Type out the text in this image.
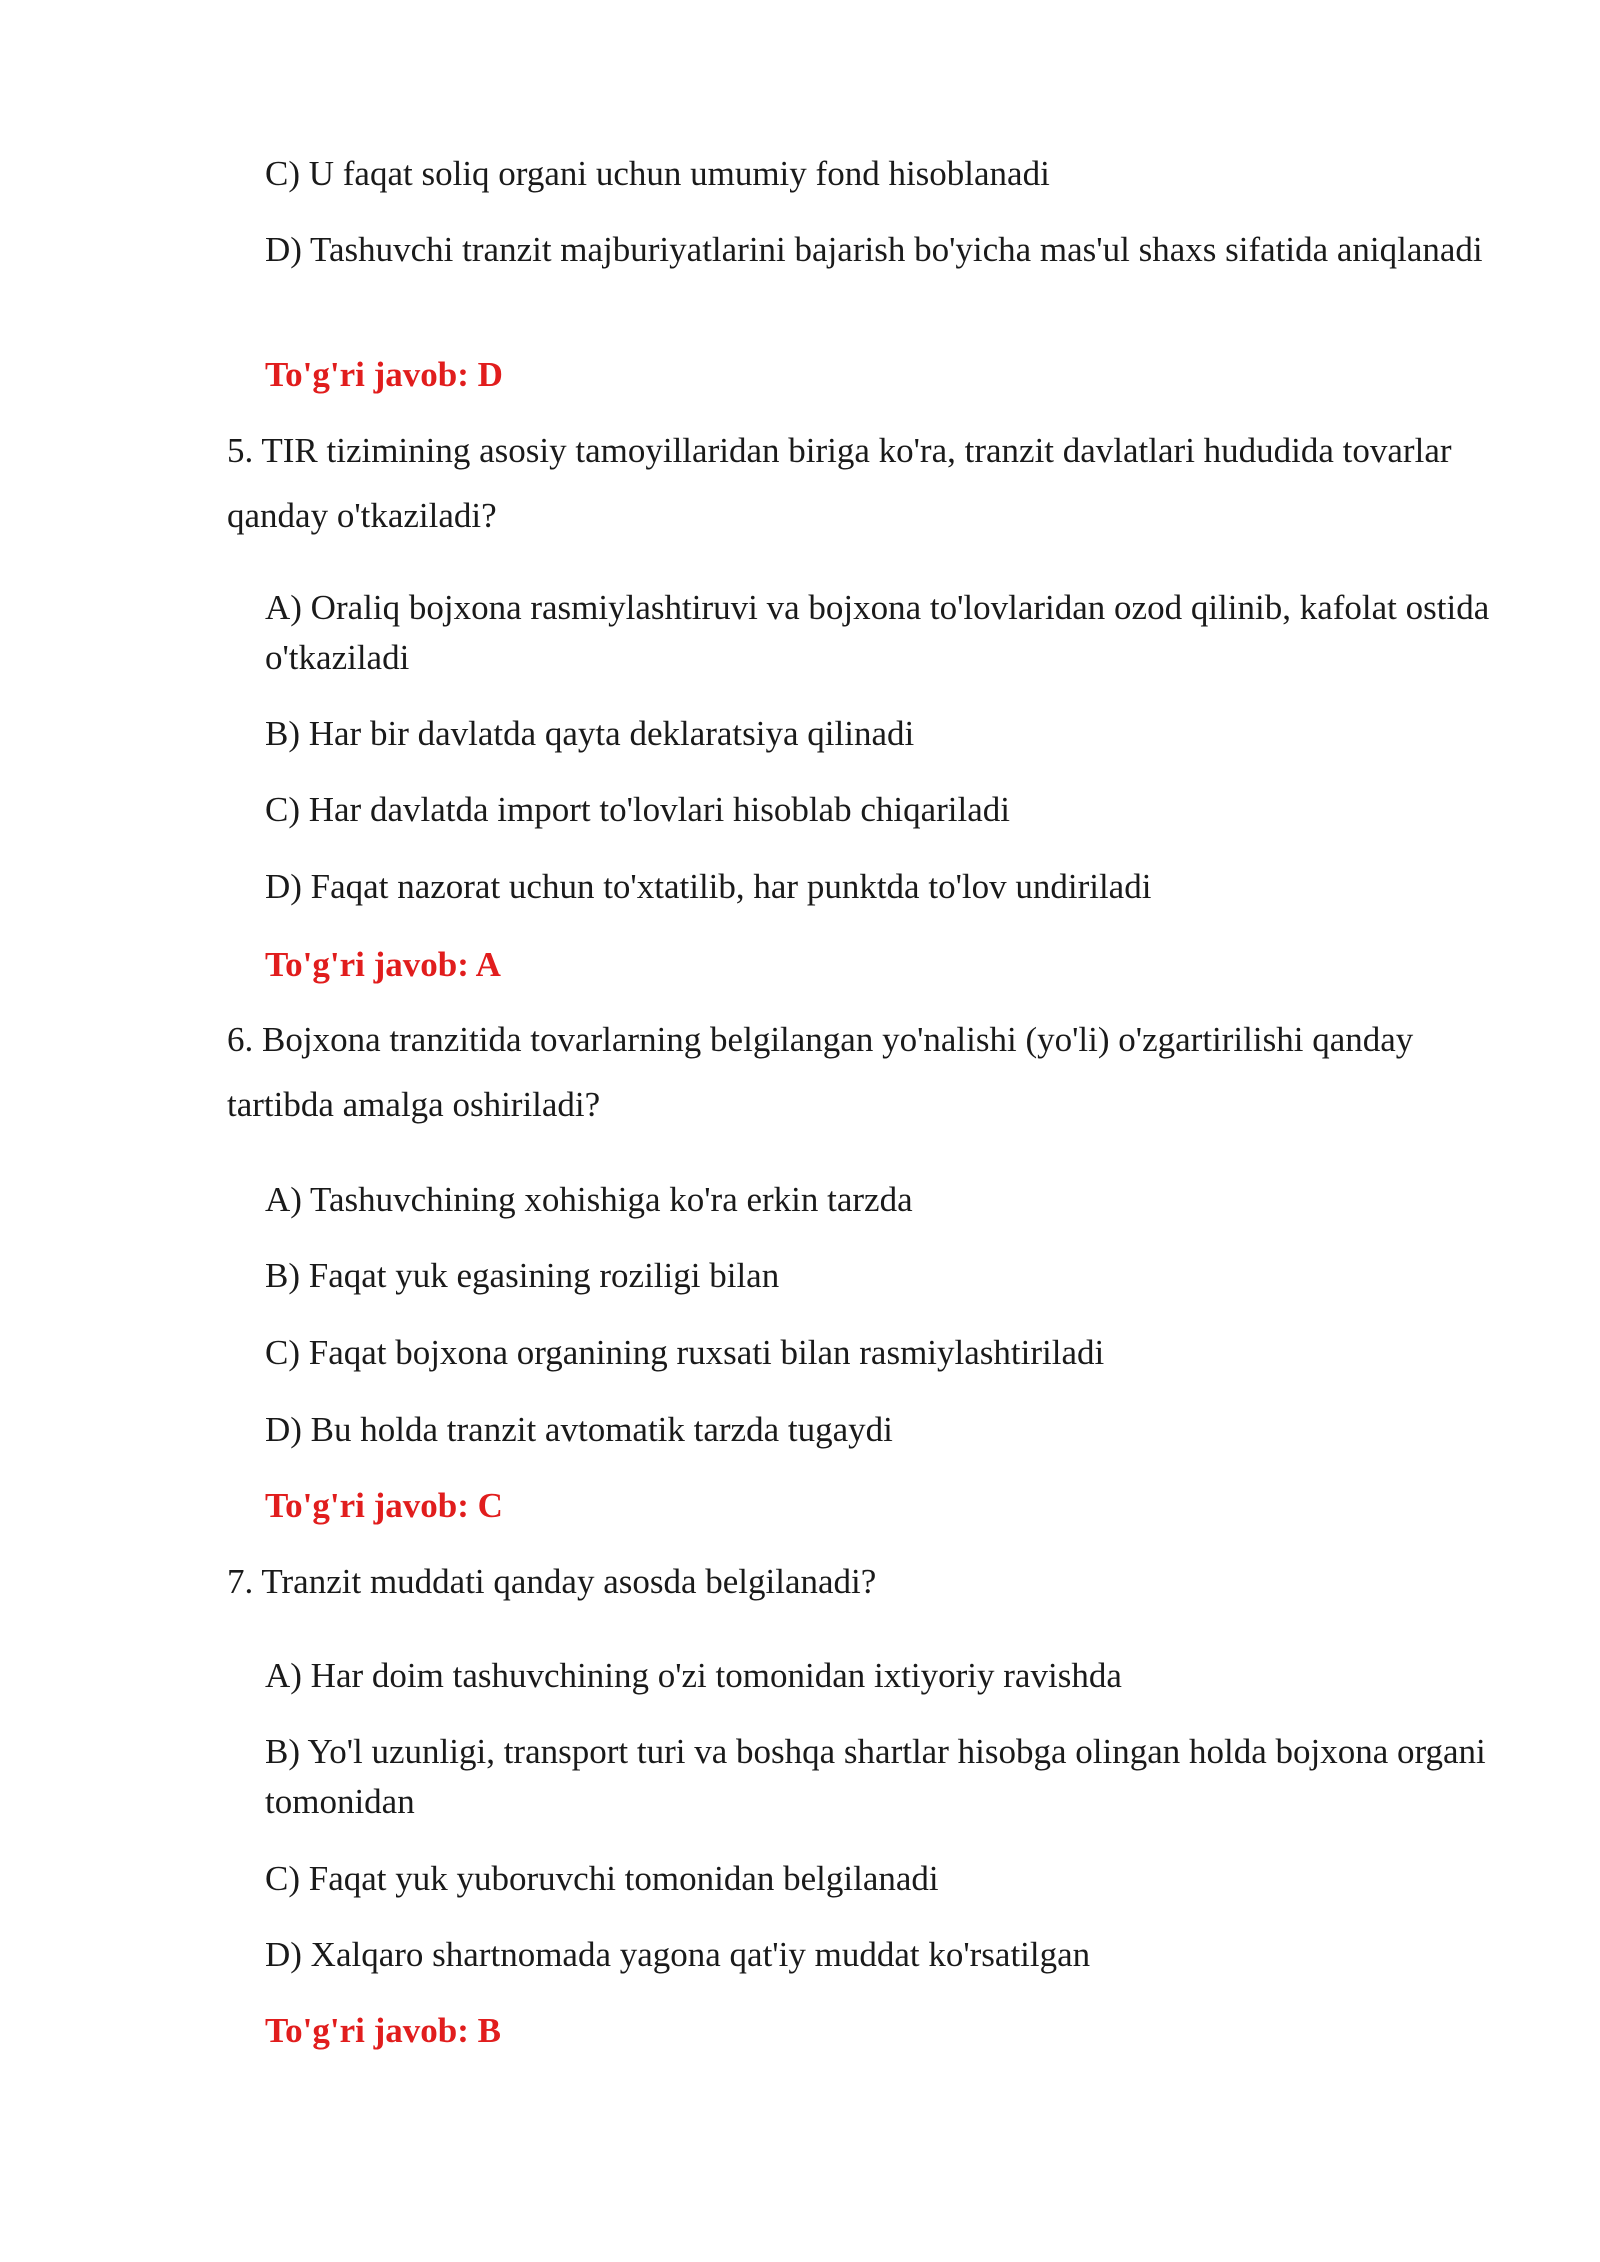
C) U faqat soliq organi uchun umumiy fond hisoblanadi

D) Tashuvchi tranzit majburiyatlarini bajarish bo'yicha mas'ul shaxs sifatida aniqlanadi

To'g'ri javob: D

5. TIR tizimining asosiy tamoyillaridan biriga ko'ra, tranzit davlatlari hududida tovarlar qanday o'tkaziladi?

A) Oraliq bojxona rasmiylashtiruvi va bojxona to'lovlaridan ozod qilinib, kafolat ostida o'tkaziladi

B) Har bir davlatda qayta deklaratsiya qilinadi

C) Har davlatda import to'lovlari hisoblab chiqariladi

D) Faqat nazorat uchun to'xtatilib, har punktda to'lov undiriladi

To'g'ri javob: A

6. Bojxona tranzitida tovarlarning belgilangan yo'nalishi (yo'li) o'zgartirilishi qanday tartibda amalga oshiriladi?

A) Tashuvchining xohishiga ko'ra erkin tarzda

B) Faqat yuk egasining roziligi bilan

C) Faqat bojxona organining ruxsati bilan rasmiylashtiriladi

D) Bu holda tranzit avtomatik tarzda tugaydi

To'g'ri javob: C

7. Tranzit muddati qanday asosda belgilanadi?

A) Har doim tashuvchining o'zi tomonidan ixtiyoriy ravishda

B) Yo'l uzunligi, transport turi va boshqa shartlar hisobga olingan holda bojxona organi tomonidan

C) Faqat yuk yuboruvchi tomonidan belgilanadi

D) Xalqaro shartnomada yagona qat'iy muddat ko'rsatilgan

To'g'ri javob: B
